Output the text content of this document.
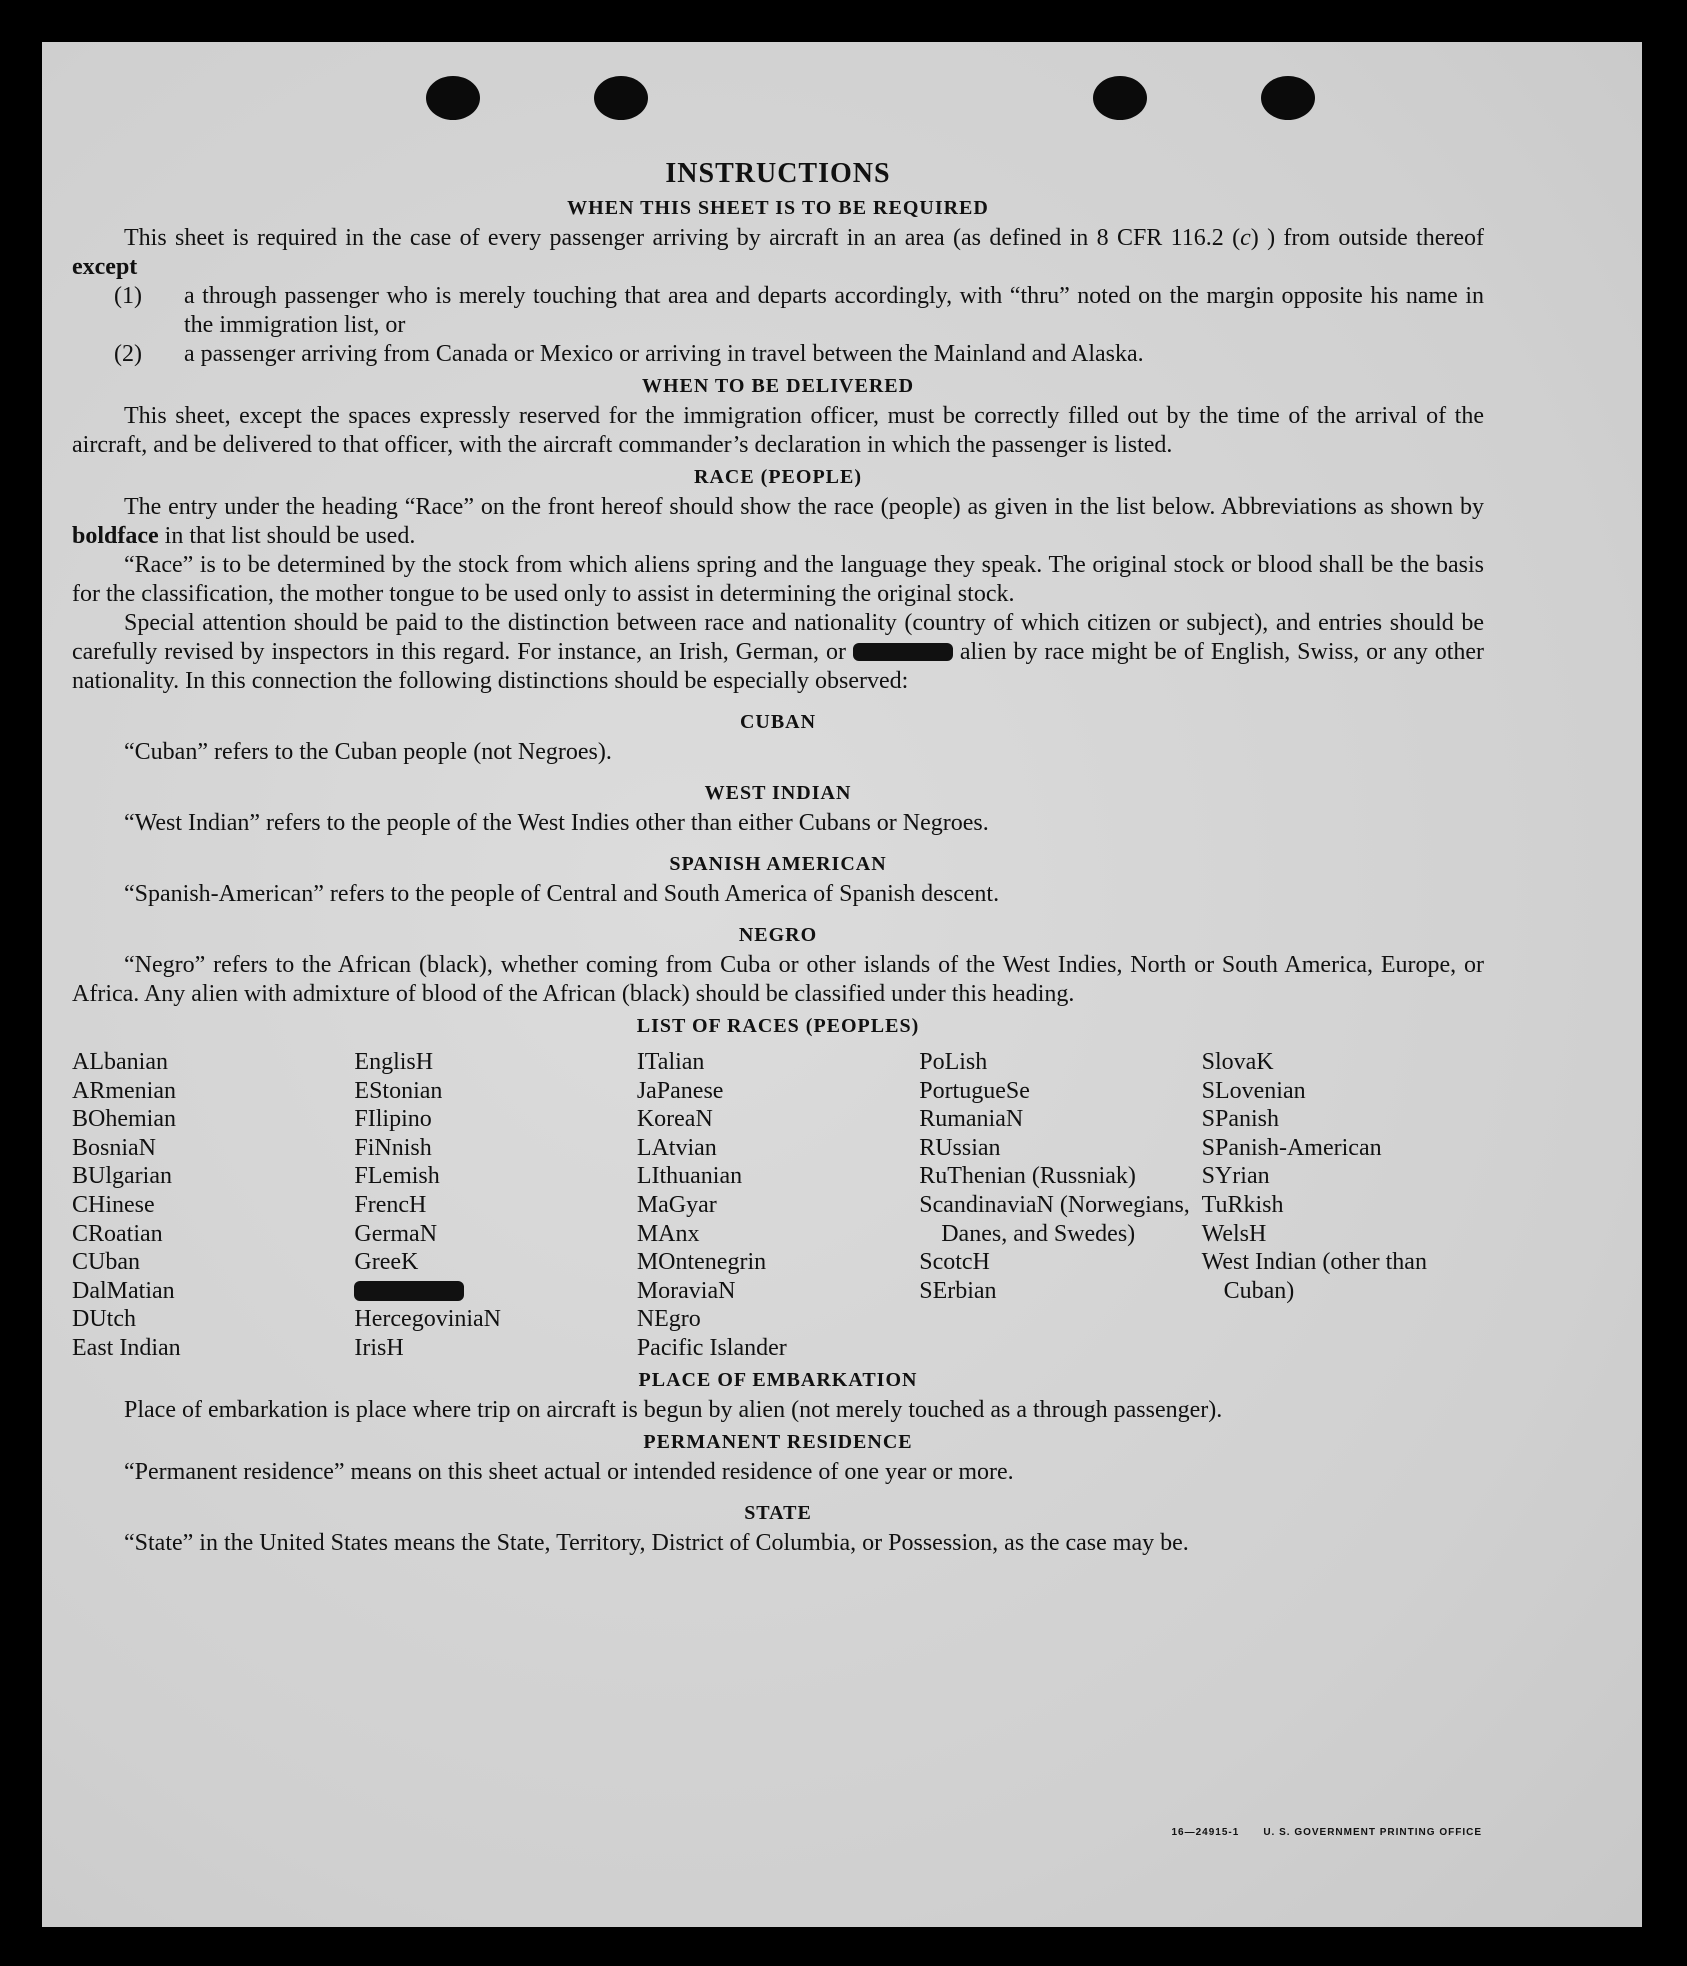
INSTRUCTIONS
WHEN THIS SHEET IS TO BE REQUIRED

This sheet is required in the case of every passenger arriving by aircraft in an area (as defined in 8 CFR 116.2 (c) ) from outside thereof except

(1) a through passenger who is merely touching that area and departs accordingly, with “thru” noted on the margin opposite his name in the immigration list, or

(2) a passenger arriving from Canada or Mexico or arriving in travel between the Mainland and Alaska.

WHEN TO BE DELIVERED

This sheet, except the spaces expressly reserved for the immigration officer, must be correctly filled out by the time of the arrival of the aircraft, and be delivered to that officer, with the aircraft commander’s declaration in which the passenger is listed.

RACE (PEOPLE)

The entry under the heading “Race” on the front hereof should show the race (people) as given in the list below. Abbreviations as shown by boldface in that list should be used.

“Race” is to be determined by the stock from which aliens spring and the language they speak. The original stock or blood shall be the basis for the classification, the mother tongue to be used only to assist in determining the original stock.

Special attention should be paid to the distinction between race and nationality (country of which citizen or subject), and entries should be carefully revised by inspectors in this regard. For instance, an Irish, German, or	alien by race might be of English, Swiss, or any other nationality. In this connection the following distinctions should be especially observed:

CUBAN

“Cuban” refers to the Cuban people (not Negroes).

WEST INDIAN

“West Indian” refers to the people of the West Indies other than either Cubans or Negroes.

SPANISH AMERICAN

“Spanish-American” refers to the people of Central and South America of Spanish descent.

NEGRO

“Negro” refers to the African (black), whether coming from Cuba or other islands of the West Indies, North or South America, Europe, or Africa. Any alien with admixture of blood of the African (black) should be classified under this heading.

LIST OF RACES (PEOPLES)
ALbanian
ARmenian
BOhemian
BosniaN
BUlgarian
CHinese
CRoatian
CUban
DalMatian
DUtch
East Indian
EnglisH
EStonian
FIlipino
FiNnish
FLemish
FrencH
GermaN
GreeK
HercegoviniaN
IrisH
ITalian
JaPanese
KoreaN
LAtvian
LIthuanian
MaGyar
MAnx
MOntenegrin
MoraviaN
NEgro
Pacific Islander
PoLish
PortugueSe
RumaniaN
RUssian
RuThenian (Russniak)
ScandinaviaN (Norwegians, Danes, and Swedes)
ScotcH
SErbian
SlovaK
SLovenian
SPanish
SPanish-American
SYrian
TuRkish
WelsH
West Indian (other than Cuban)
PLACE OF EMBARKATION

Place of embarkation is place where trip on aircraft is begun by alien (not merely touched as a through passenger).

PERMANENT RESIDENCE

“Permanent residence” means on this sheet actual or intended residence of one year or more.

STATE

“State” in the United States means the State, Territory, District of Columbia, or Possession, as the case may be.

16—24915-1 U. S. GOVERNMENT PRINTING OFFICE
